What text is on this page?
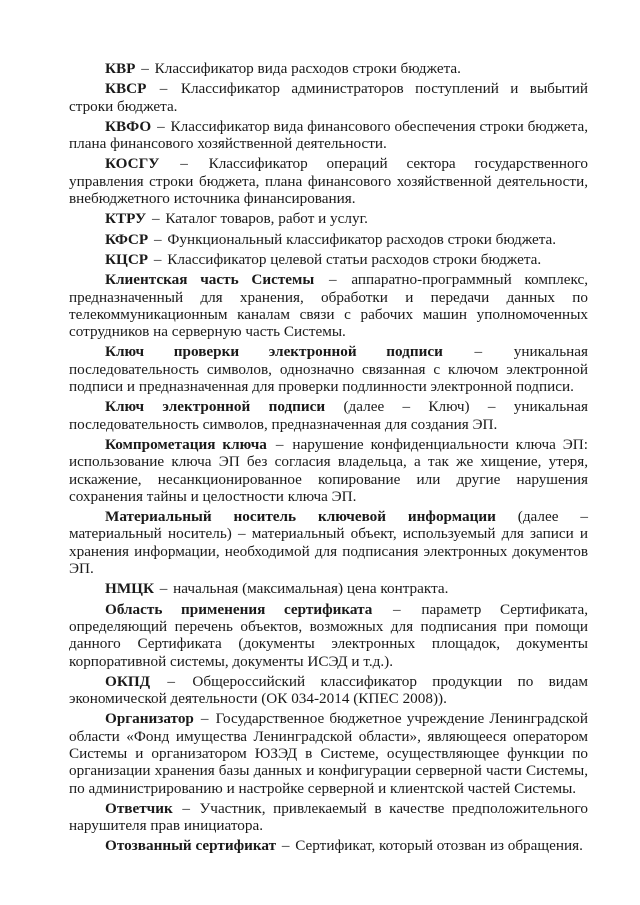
КВР – Классификатор вида расходов строки бюджета.

КВСР – Классификатор администраторов поступлений и выбытий строки бюджета.

КВФО – Классификатор вида финансового обеспечения строки бюджета, плана финансового хозяйственной деятельности.

КОСГУ – Классификатор операций сектора государственного управления строки бюджета, плана финансового хозяйственной деятельности, внебюджетного источника финансирования.

КТРУ – Каталог товаров, работ и услуг.

КФСР – Функциональный классификатор расходов строки бюджета.

КЦСР – Классификатор целевой статьи расходов строки бюджета.

Клиентская часть Системы – аппаратно-программный комплекс, предназначенный для хранения, обработки и передачи данных по телекоммуникационным каналам связи с рабочих машин уполномоченных сотрудников на серверную часть Системы.

Ключ проверки электронной подписи – уникальная последовательность символов, однозначно связанная с ключом электронной подписи и предназначенная для проверки подлинности электронной подписи.

Ключ электронной подписи (далее – Ключ) – уникальная последовательность символов, предназначенная для создания ЭП.

Компрометация ключа – нарушение конфиденциальности ключа ЭП: использование ключа ЭП без согласия владельца, а так же хищение, утеря, искажение, несанкционированное копирование или другие нарушения сохранения тайны и целостности ключа ЭП.

Материальный носитель ключевой информации (далее – материальный носитель) – материальный объект, используемый для записи и хранения информации, необходимой для подписания электронных документов ЭП.

НМЦК – начальная (максимальная) цена контракта.

Область применения сертификата – параметр Сертификата, определяющий перечень объектов, возможных для подписания при помощи данного Сертификата (документы электронных площадок, документы корпоративной системы, документы ИСЭД и т.д.).

ОКПД – Общероссийский классификатор продукции по видам экономической деятельности (ОК 034-2014 (КПЕС 2008)).

Организатор – Государственное бюджетное учреждение Ленинградской области «Фонд имущества Ленинградской области», являющееся оператором Системы и организатором ЮЗЭД в Системе, осуществляющее функции по организации хранения базы данных и конфигурации серверной части Системы, по администрированию и настройке серверной и клиентской частей Системы.

Ответчик – Участник, привлекаемый в качестве предположительного нарушителя прав инициатора.

Отозванный сертификат – Сертификат, который отозван из обращения.
